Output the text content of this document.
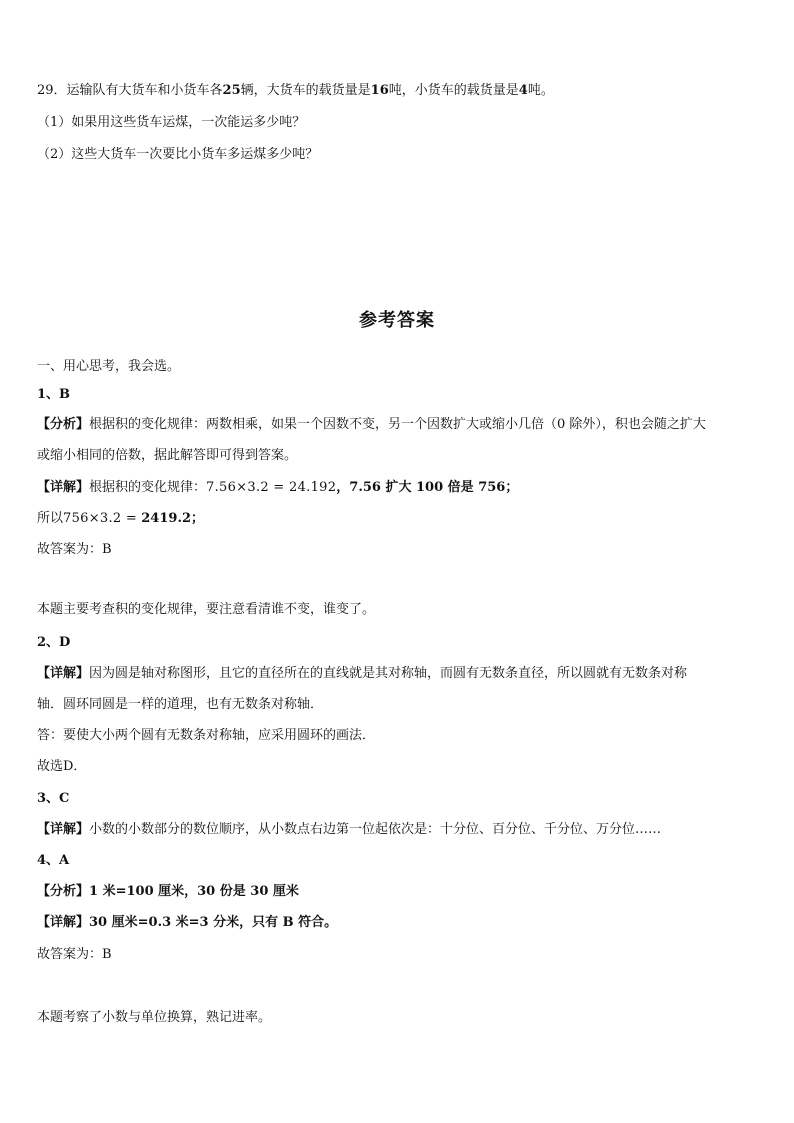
29．运输队有大货车和小货车各25辆，大货车的载货量是16吨，小货车的载货量是4吨。
（1）如果用这些货车运煤，一次能运多少吨？
（2）这些大货车一次要比小货车多运煤多少吨？
参考答案
一、用心思考，我会选。
1、B
【分析】根据积的变化规律：两数相乘，如果一个因数不变，另一个因数扩大或缩小几倍（0 除外），积也会随之扩大
或缩小相同的倍数，据此解答即可得到答案。
【详解】根据积的变化规律：7.56×3.2 = 24.192，7.56 扩大 100 倍是 756；
所以756×3.2 = 2419.2；
故答案为：B
本题主要考查积的变化规律，要注意看清谁不变，谁变了。
2、D
【详解】因为圆是轴对称图形，且它的直径所在的直线就是其对称轴，而圆有无数条直径，所以圆就有无数条对称
轴．圆环同圆是一样的道理，也有无数条对称轴．
答：要使大小两个圆有无数条对称轴，应采用圆环的画法．
故选D．
3、C
【详解】小数的小数部分的数位顺序，从小数点右边第一位起依次是：十分位、百分位、千分位、万分位……
4、A
【分析】1 米=100 厘米，30 份是 30 厘米
【详解】30 厘米=0.3 米=3 分米，只有 B 符合。
故答案为：B
本题考察了小数与单位换算，熟记进率。
